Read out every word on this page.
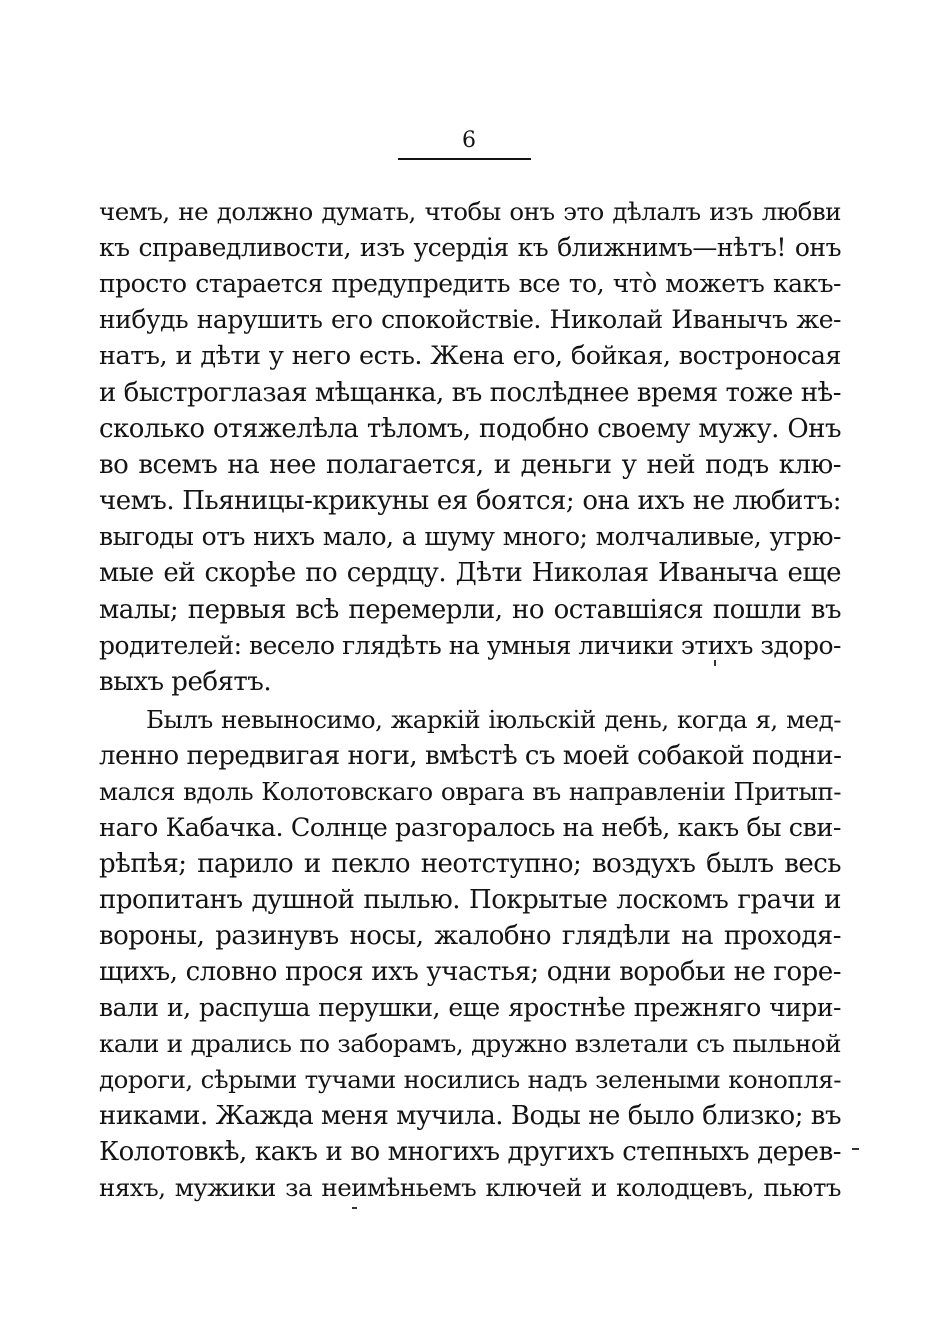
6
чемъ, не должно думать, чтобы онъ это дѣлалъ изъ любви
къ справедливости, изъ усердія къ ближнимъ—нѣтъ! онъ
просто старается предупредить все то, что̀ можетъ какъ-
нибудь нарушить его спокойствіе. Николай Иванычъ же-
натъ, и дѣти у него есть. Жена его, бойкая, востроносая
и быстроглазая мѣщанка, въ послѣднее время тоже нѣ-
сколько отяжелѣла тѣломъ, подобно своему мужу. Онъ
во всемъ на нее полагается, и деньги у ней подъ клю-
чемъ. Пьяницы-крикуны ея боятся; она ихъ не любитъ:
выгоды отъ нихъ мало, а шуму много; молчаливые, угрю-
мые ей скорѣе по сердцу. Дѣти Николая Иваныча еще
малы; первыя всѣ перемерли, но оставшіяся пошли въ
родителей: весело глядѣть на умныя личики этихъ здоро-
выхъ ребятъ.
Былъ невыносимо, жаркій іюльскій день, когда я, мед-
ленно передвигая ноги, вмѣстѣ съ моей собакой подни-
мался вдоль Колотовскаго оврага въ направленіи Притып-
наго Кабачка. Солнце разгоралось на небѣ, какъ бы сви-
рѣпѣя; парило и пекло неотступно; воздухъ былъ весь
пропитанъ душной пылью. Покрытые лоскомъ грачи и
вороны, разинувъ носы, жалобно глядѣли на проходя-
щихъ, словно прося ихъ участья; одни воробьи не горе-
вали и, распуша перушки, еще яростнѣе прежняго чири-
кали и дрались по заборамъ, дружно взлетали съ пыльной
дороги, сѣрыми тучами носились надъ зелеными конопля-
никами. Жажда меня мучила. Воды не было близко; въ
Колотовкѣ, какъ и во многихъ другихъ степныхъ дерев-
няхъ, мужики за неимѣньемъ ключей и колодцевъ, пьютъ
